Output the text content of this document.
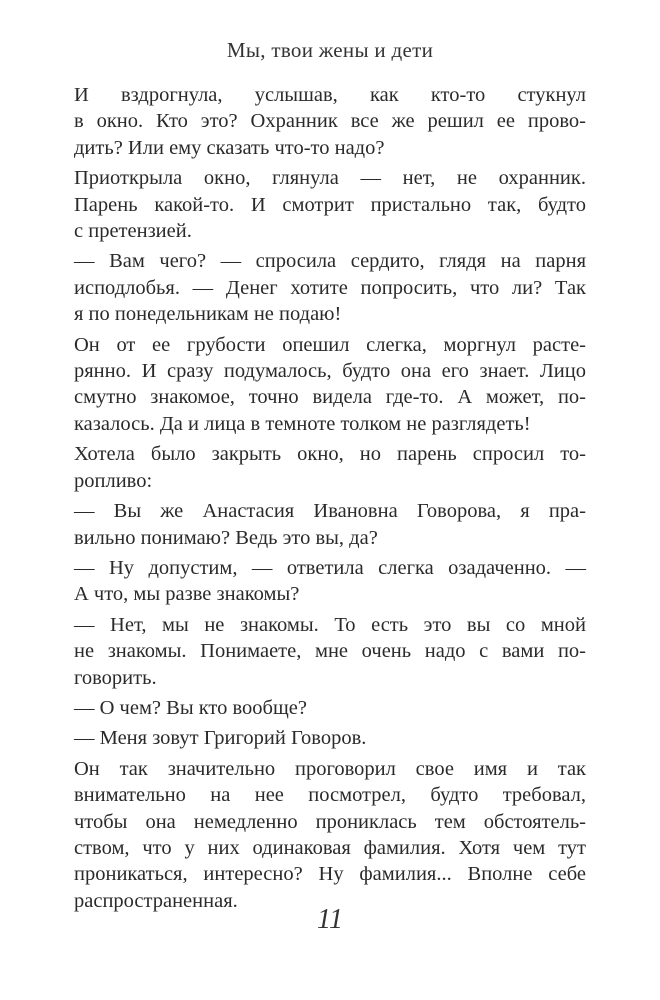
Мы, твои жены и дети

И вздрогнула, услышав, как кто-то стукнул
в окно. Кто это? Охранник все же решил ее прово-
дить? Или ему сказать что-то надо?

Приоткрыла окно, глянула — нет, не охранник.
Парень какой-то. И смотрит пристально так, будто
с претензией.

— Вам чего? — спросила сердито, глядя на парня
исподлобья. — Денег хотите попросить, что ли? Так
я по понедельникам не подаю!

Он от ее грубости опешил слегка, моргнул расте-
рянно. И сразу подумалось, будто она его знает. Лицо
смутно знакомое, точно видела где-то. А может, по-
казалось. Да и лица в темноте толком не разглядеть!

Хотела было закрыть окно, но парень спросил то-
ропливо:

— Вы же Анастасия Ивановна Говорова, я пра-
вильно понимаю? Ведь это вы, да?

— Ну допустим, — ответила слегка озадаченно. —
А что, мы разве знакомы?

— Нет, мы не знакомы. То есть это вы со мной
не знакомы. Понимаете, мне очень надо с вами по-
говорить.

— О чем? Вы кто вообще?

— Меня зовут Григорий Говоров.

Он так значительно проговорил свое имя и так
внимательно на нее посмотрел, будто требовал,
чтобы она немедленно прониклась тем обстоятель-
ством, что у них одинаковая фамилия. Хотя чем тут
проникаться, интересно? Ну фамилия... Вполне себе
распространенная.

11
